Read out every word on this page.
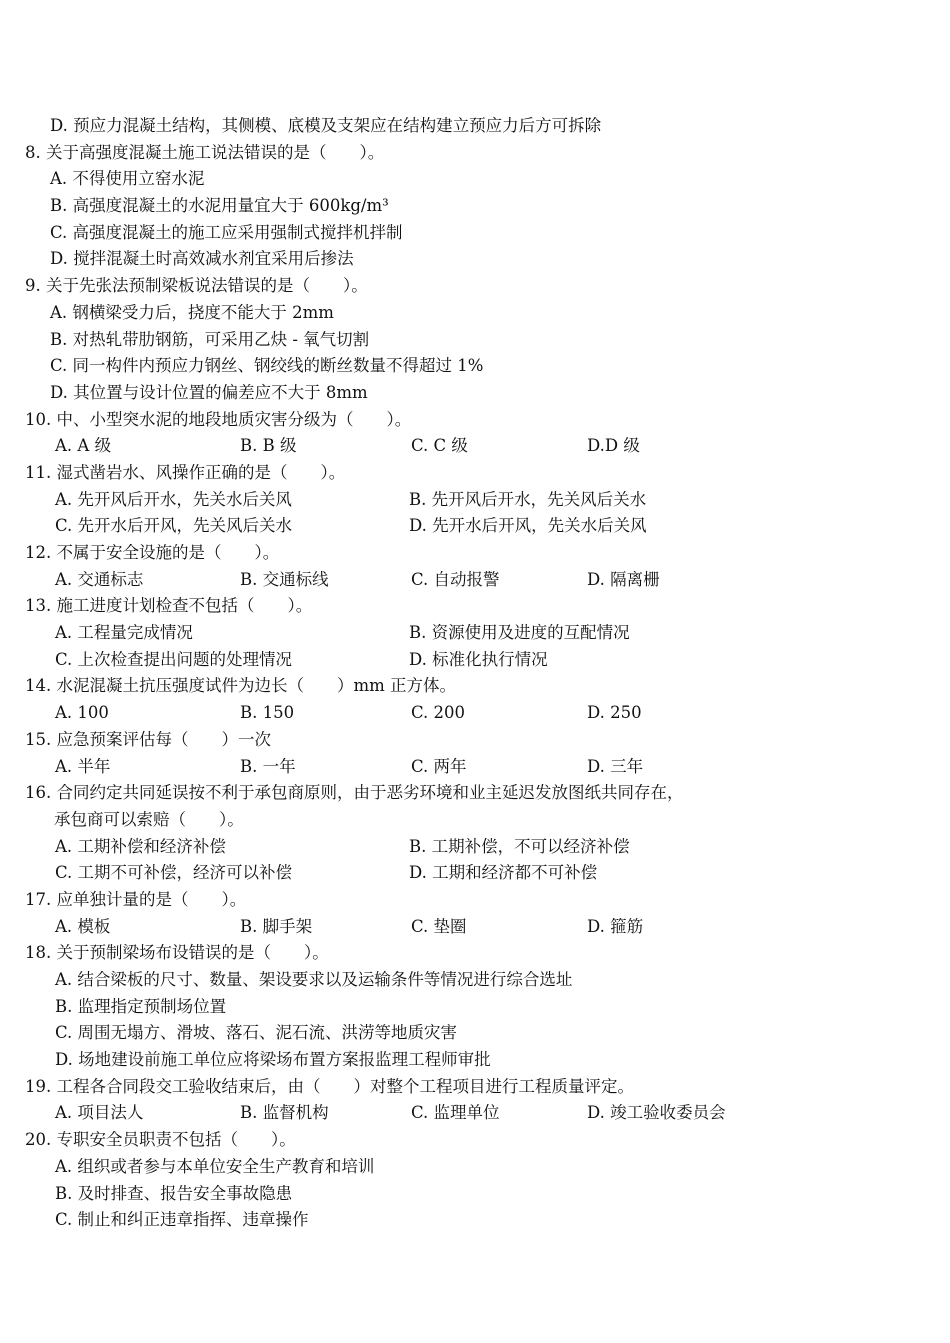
D. 预应力混凝土结构，其侧模、底模及支架应在结构建立预应力后方可拆除
8. 关于高强度混凝土施工说法错误的是（　　）。
A. 不得使用立窑水泥
B. 高强度混凝土的水泥用量宜大于 600kg/m³
C. 高强度混凝土的施工应采用强制式搅拌机拌制
D. 搅拌混凝土时高效减水剂宜采用后掺法
9. 关于先张法预制梁板说法错误的是（　　）。
A. 钢横梁受力后，挠度不能大于 2mm
B. 对热轧带肋钢筋，可采用乙炔 - 氧气切割
C. 同一构件内预应力钢丝、钢绞线的断丝数量不得超过 1%
D. 其位置与设计位置的偏差应不大于 8mm
10. 中、小型突水泥的地段地质灾害分级为（　　）。
A. A 级	B. B 级	C. C 级	D.D 级
11. 湿式凿岩水、风操作正确的是（　　）。
A. 先开风后开水，先关水后关风	B. 先开风后开水，先关风后关水
C. 先开水后开风，先关风后关水	D. 先开水后开风，先关水后关风
12. 不属于安全设施的是（　　）。
A. 交通标志	B. 交通标线	C. 自动报警	D. 隔离栅
13. 施工进度计划检查不包括（　　）。
A. 工程量完成情况	B. 资源使用及进度的互配情况
C. 上次检查提出问题的处理情况	D. 标准化执行情况
14. 水泥混凝土抗压强度试件为边长（　　）mm 正方体。
A. 100	B. 150	C. 200	D. 250
15. 应急预案评估每（　　）一次
A. 半年	B. 一年	C. 两年	D. 三年
16. 合同约定共同延误按不利于承包商原则，由于恶劣环境和业主延迟发放图纸共同存在，
承包商可以索赔（　　）。
A. 工期补偿和经济补偿	B. 工期补偿，不可以经济补偿
C. 工期不可补偿，经济可以补偿	D. 工期和经济都不可补偿
17. 应单独计量的是（　　）。
A. 模板	B. 脚手架	C. 垫圈	D. 箍筋
18. 关于预制梁场布设错误的是（　　）。
A. 结合梁板的尺寸、数量、架设要求以及运输条件等情况进行综合选址
B. 监理指定预制场位置
C. 周围无塌方、滑坡、落石、泥石流、洪涝等地质灾害
D. 场地建设前施工单位应将梁场布置方案报监理工程师审批
19. 工程各合同段交工验收结束后，由（　　）对整个工程项目进行工程质量评定。
A. 项目法人	B. 监督机构	C. 监理单位	D. 竣工验收委员会
20. 专职安全员职责不包括（　　）。
A. 组织或者参与本单位安全生产教育和培训
B. 及时排查、报告安全事故隐患
C. 制止和纠正违章指挥、违章操作
